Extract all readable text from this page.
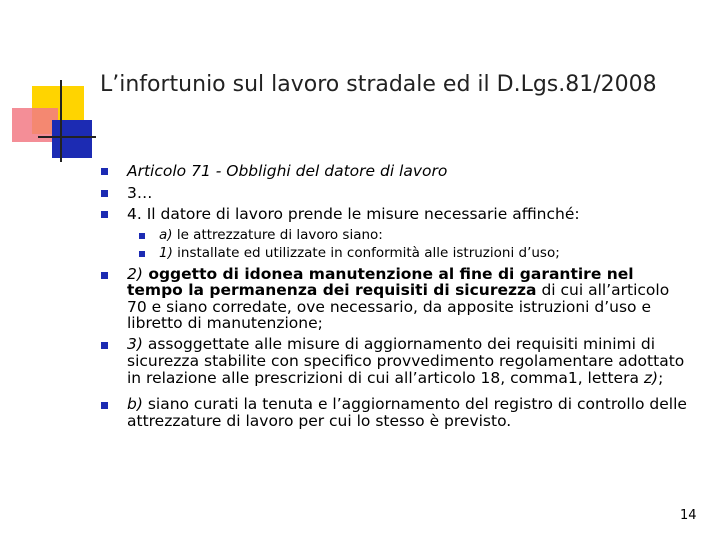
L’infortunio sul lavoro stradale ed il D.Lgs.81/2008
Articolo 71 - Obblighi del datore di lavoro
3…
4. Il datore di lavoro prende le misure necessarie affinché:
a) le attrezzature di lavoro siano:
1) installate ed utilizzate in conformità alle istruzioni d’uso;
2) oggetto di idonea manutenzione al fine di garantire nel
tempo la permanenza dei requisiti di sicurezza di cui all’articolo
70 e siano corredate, ove necessario, da apposite istruzioni d’uso e
libretto di manutenzione;
3) assoggettate alle misure di aggiornamento dei requisiti minimi di
sicurezza stabilite con specifico provvedimento regolamentare adottato
in relazione alle prescrizioni di cui all’articolo 18, comma1, lettera z);
b) siano curati la tenuta e l’aggiornamento del registro di controllo delle
attrezzature di lavoro per cui lo stesso è previsto.
14
